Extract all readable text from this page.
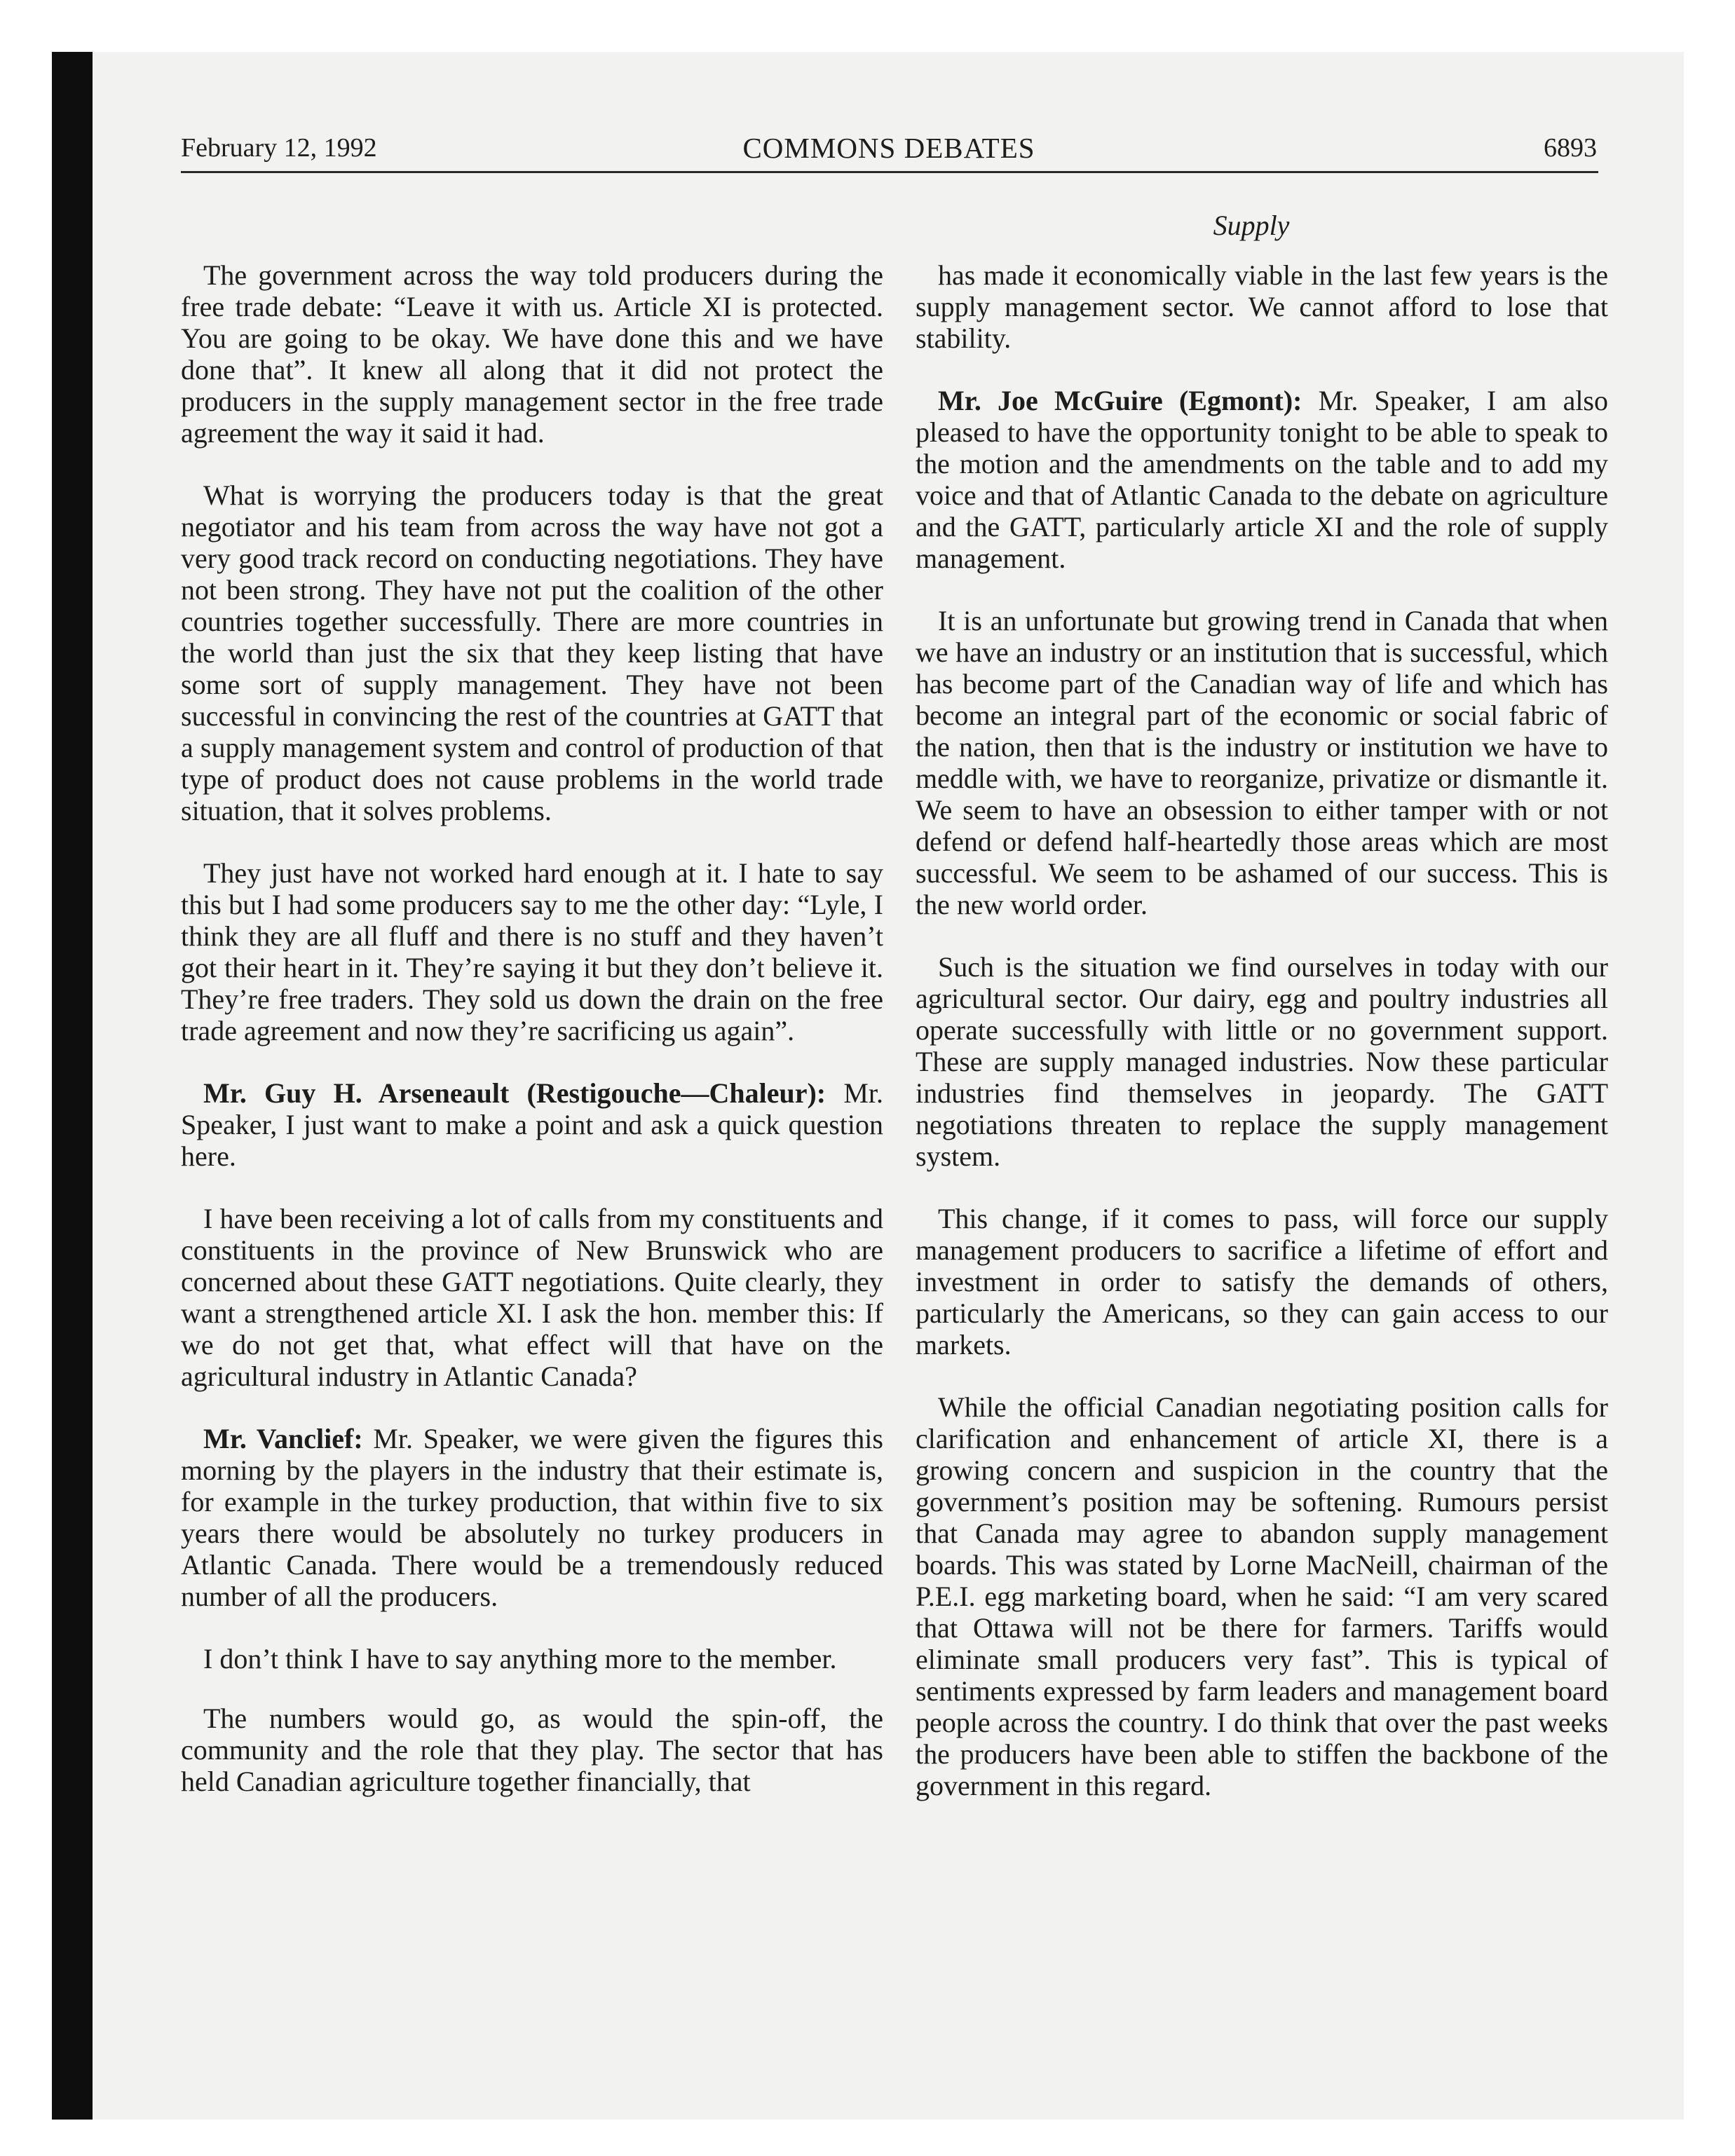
February 12, 1992	COMMONS DEBATES	6893
Supply

The government across the way told producers during the free trade debate: “Leave it with us. Article XI is protected. You are going to be okay. We have done this and we have done that”. It knew all along that it did not protect the producers in the supply management sector in the free trade agreement the way it said it had.

What is worrying the producers today is that the great negotiator and his team from across the way have not got a very good track record on conducting negotiations. They have not been strong. They have not put the coalition of the other countries together successfully. There are more countries in the world than just the six that they keep listing that have some sort of supply management. They have not been successful in convincing the rest of the countries at GATT that a supply management system and control of production of that type of product does not cause problems in the world trade situation, that it solves problems.

They just have not worked hard enough at it. I hate to say this but I had some producers say to me the other day: “Lyle, I think they are all fluff and there is no stuff and they haven’t got their heart in it. They’re saying it but they don’t believe it. They’re free traders. They sold us down the drain on the free trade agreement and now they’re sacrificing us again”.

Mr. Guy H. Arseneault (Restigouche—Chaleur): Mr. Speaker, I just want to make a point and ask a quick question here.

I have been receiving a lot of calls from my constituents and constituents in the province of New Brunswick who are concerned about these GATT negotiations. Quite clearly, they want a strengthened article XI. I ask the hon. member this: If we do not get that, what effect will that have on the agricultural industry in Atlantic Canada?

Mr. Vanclief: Mr. Speaker, we were given the figures this morning by the players in the industry that their estimate is, for example in the turkey production, that within five to six years there would be absolutely no turkey producers in Atlantic Canada. There would be a tremendously reduced number of all the producers.

I don’t think I have to say anything more to the member.

The numbers would go, as would the spin-off, the community and the role that they play. The sector that has held Canadian agriculture together financially, that

has made it economically viable in the last few years is the supply management sector. We cannot afford to lose that stability.

Mr. Joe McGuire (Egmont): Mr. Speaker, I am also pleased to have the opportunity tonight to be able to speak to the motion and the amendments on the table and to add my voice and that of Atlantic Canada to the debate on agriculture and the GATT, particularly article XI and the role of supply management.

It is an unfortunate but growing trend in Canada that when we have an industry or an institution that is successful, which has become part of the Canadian way of life and which has become an integral part of the economic or social fabric of the nation, then that is the industry or institution we have to meddle with, we have to reorganize, privatize or dismantle it. We seem to have an obsession to either tamper with or not defend or defend half-heartedly those areas which are most successful. We seem to be ashamed of our success. This is the new world order.

Such is the situation we find ourselves in today with our agricultural sector. Our dairy, egg and poultry industries all operate successfully with little or no government support. These are supply managed industries. Now these particular industries find themselves in jeopardy. The GATT negotiations threaten to replace the supply management system.

This change, if it comes to pass, will force our supply management producers to sacrifice a lifetime of effort and investment in order to satisfy the demands of others, particularly the Americans, so they can gain access to our markets.

While the official Canadian negotiating position calls for clarification and enhancement of article XI, there is a growing concern and suspicion in the country that the government’s position may be softening. Rumours persist that Canada may agree to abandon supply management boards. This was stated by Lorne MacNeill, chairman of the P.E.I. egg marketing board, when he said: “I am very scared that Ottawa will not be there for farmers. Tariffs would eliminate small producers very fast”. This is typical of sentiments expressed by farm leaders and management board people across the country. I do think that over the past weeks the producers have been able to stiffen the backbone of the government in this regard.
